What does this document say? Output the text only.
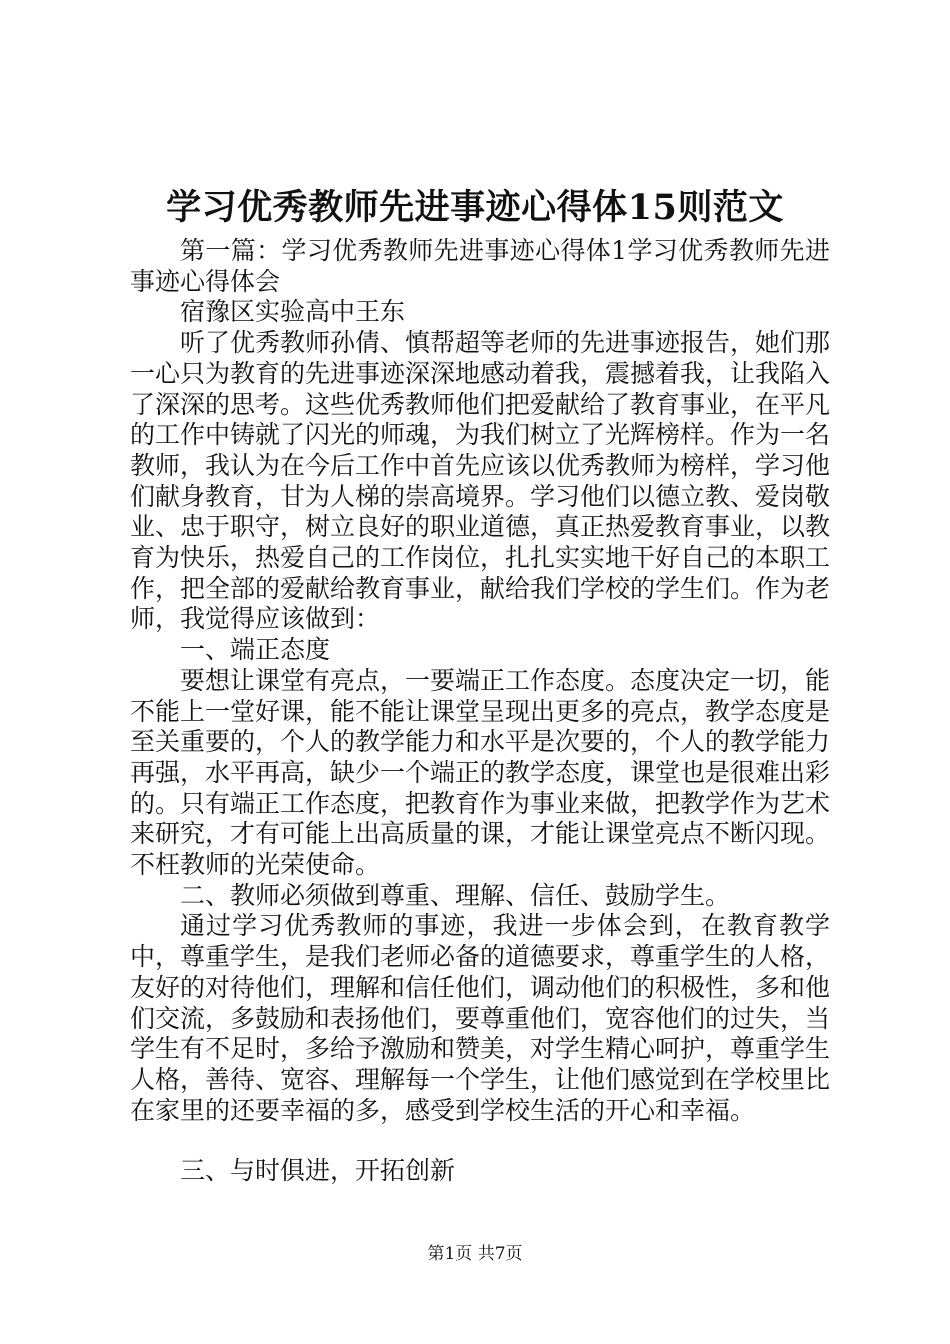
学习优秀教师先进事迹心得体15则范文

第一篇：学习优秀教师先进事迹心得体1学习优秀教师先进事迹心得体会

宿豫区实验高中王东

听了优秀教师孙倩、慎帮超等老师的先进事迹报告，她们那一心只为教育的先进事迹深深地感动着我，震撼着我，让我陷入了深深的思考。这些优秀教师他们把爱献给了教育事业，在平凡的工作中铸就了闪光的师魂，为我们树立了光辉榜样。作为一名教师，我认为在今后工作中首先应该以优秀教师为榜样，学习他们献身教育，甘为人梯的崇高境界。学习他们以德立教、爱岗敬业、忠于职守，树立良好的职业道德，真正热爱教育事业，以教育为快乐，热爱自己的工作岗位，扎扎实实地干好自己的本职工作，把全部的爱献给教育事业，献给我们学校的学生们。作为老师，我觉得应该做到：

一、端正态度

要想让课堂有亮点，一要端正工作态度。态度决定一切，能不能上一堂好课，能不能让课堂呈现出更多的亮点，教学态度是至关重要的，个人的教学能力和水平是次要的，个人的教学能力再强，水平再高，缺少一个端正的教学态度，课堂也是很难出彩的。只有端正工作态度，把教育作为事业来做，把教学作为艺术来研究，才有可能上出高质量的课，才能让课堂亮点不断闪现。不枉教师的光荣使命。

二、教师必须做到尊重、理解、信任、鼓励学生。

通过学习优秀教师的事迹，我进一步体会到，在教育教学中，尊重学生，是我们老师必备的道德要求，尊重学生的人格，友好的对待他们，理解和信任他们，调动他们的积极性，多和他们交流，多鼓励和表扬他们，要尊重他们，宽容他们的过失，当学生有不足时，多给予激励和赞美，对学生精心呵护，尊重学生人格，善待、宽容、理解每一个学生，让他们感觉到在学校里比在家里的还要幸福的多，感受到学校生活的开心和幸福。

三、与时俱进，开拓创新

第1页 共7页
